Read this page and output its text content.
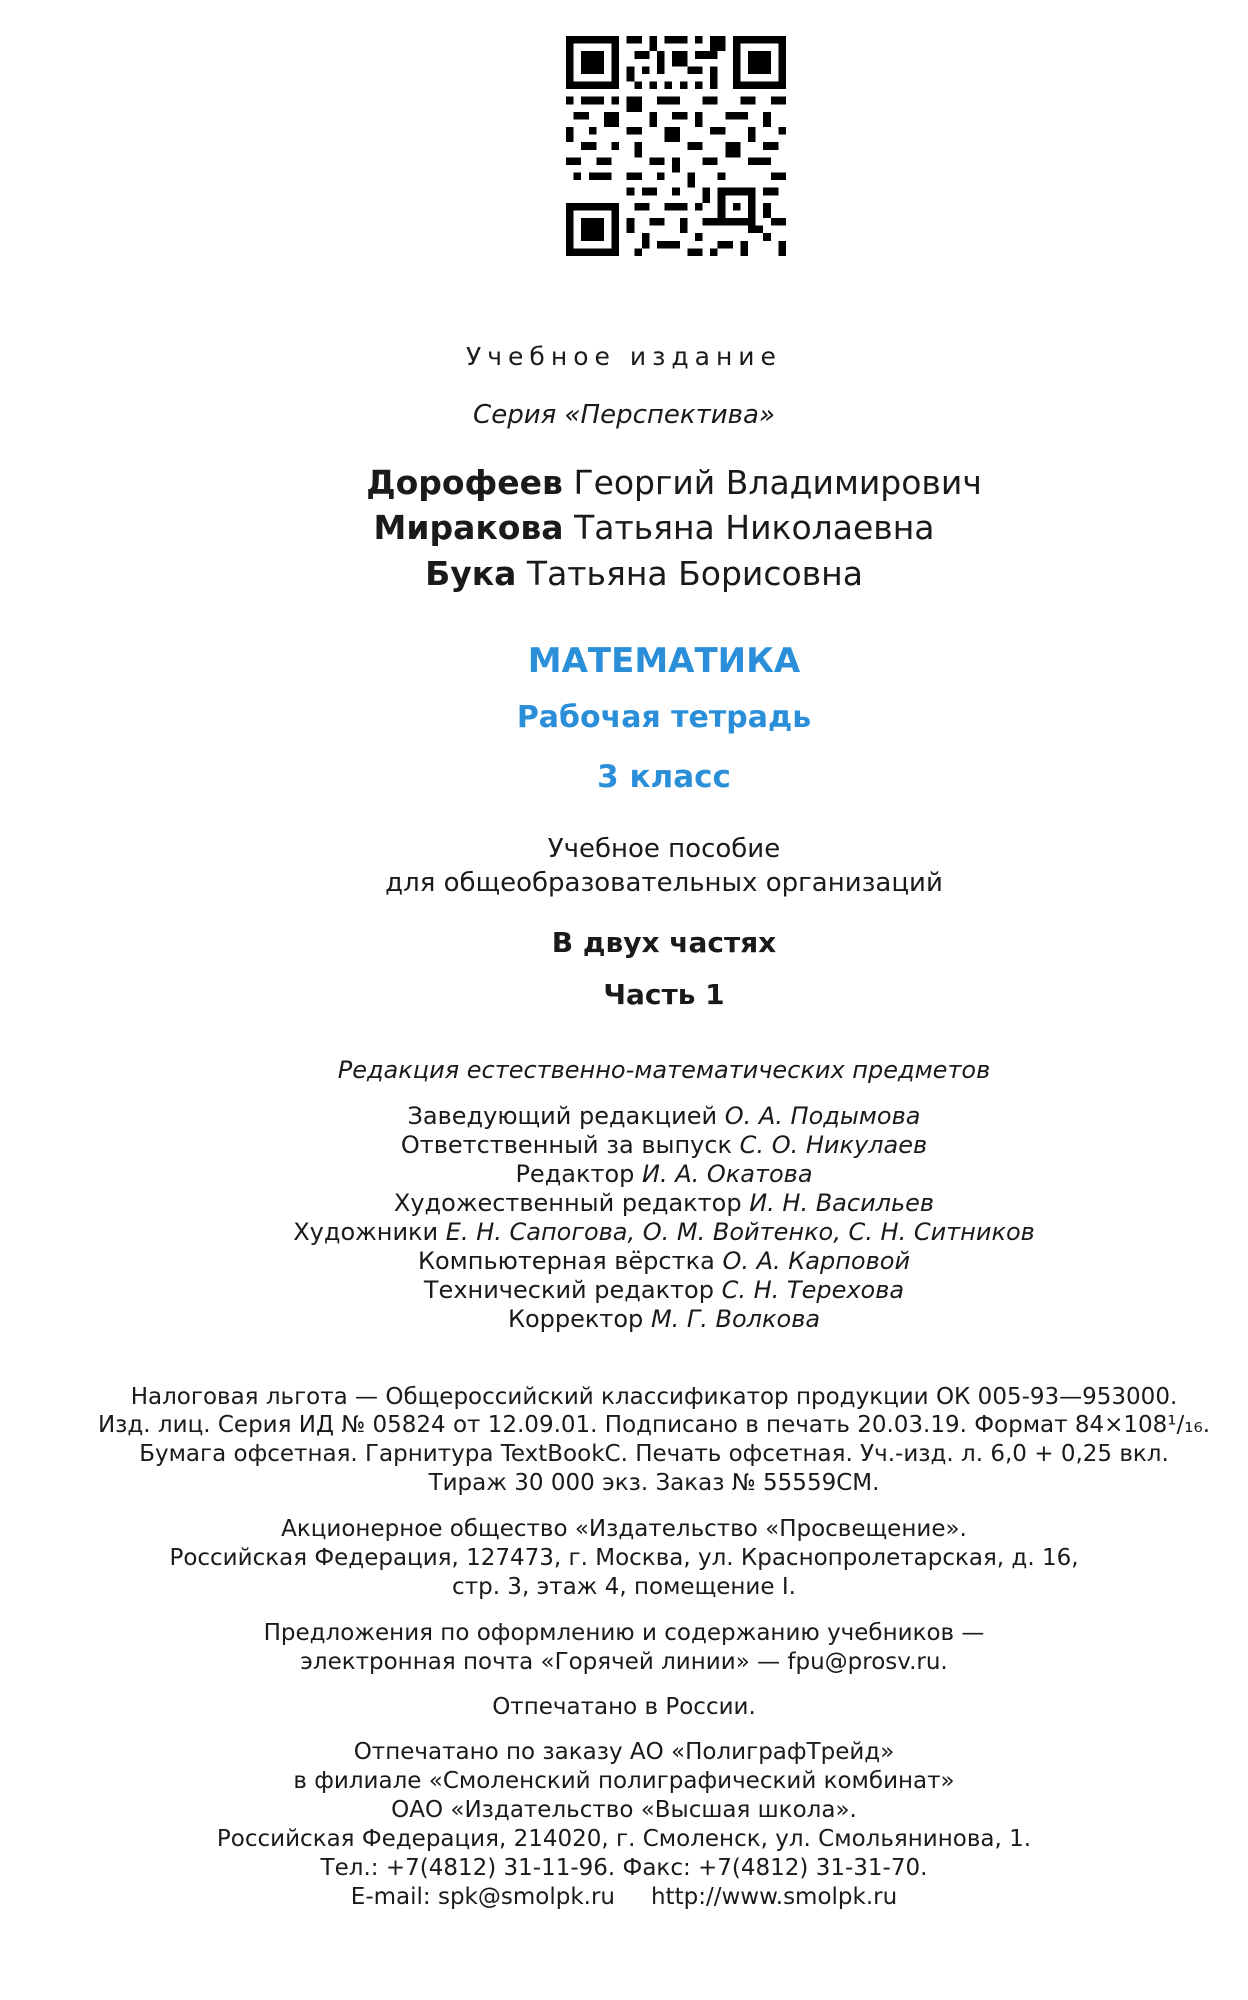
Учебное издание
Серия «Перспектива»
Дорофеев Георгий Владимирович
Миракова Татьяна Николаевна
Бука Татьяна Борисовна
МАТЕМАТИКА
Рабочая тетрадь
3 класс
Учебное пособие
для общеобразовательных организаций
В двух частях
Часть 1
Редакция естественно-математических предметов
Заведующий редакцией О. А. Подымова
Ответственный за выпуск С. О. Никулаев
Редактор И. А. Окатова
Художественный редактор И. Н. Васильев
Художники Е. Н. Сапогова, О. М. Войтенко, С. Н. Ситников
Компьютерная вёрстка О. А. Карповой
Технический редактор С. Н. Терехова
Корректор М. Г. Волкова
Налоговая льгота — Общероссийский классификатор продукции ОК 005-93—953000.
Изд. лиц. Серия ИД № 05824 от 12.09.01. Подписано в печать 20.03.19. Формат 84×108¹/₁₆.
Бумага офсетная. Гарнитура TextBookC. Печать офсетная. Уч.-изд. л. 6,0 + 0,25 вкл.
Тираж 30 000 экз. Заказ № 55559СМ.
Акционерное общество «Издательство «Просвещение».
Российская Федерация, 127473, г. Москва, ул. Краснопролетарская, д. 16,
стр. 3, этаж 4, помещение I.
Предложения по оформлению и содержанию учебников —
электронная почта «Горячей линии» — fpu@prosv.ru.
Отпечатано в России.
Отпечатано по заказу АО «ПолиграфТрейд»
в филиале «Смоленский полиграфический комбинат»
ОАО «Издательство «Высшая школа».
Российская Федерация, 214020, г. Смоленск, ул. Смольянинова, 1.
Тел.: +7(4812) 31-11-96. Факс: +7(4812) 31-31-70.
E-mail: spk@smolpk.ru http://www.smolpk.ru
